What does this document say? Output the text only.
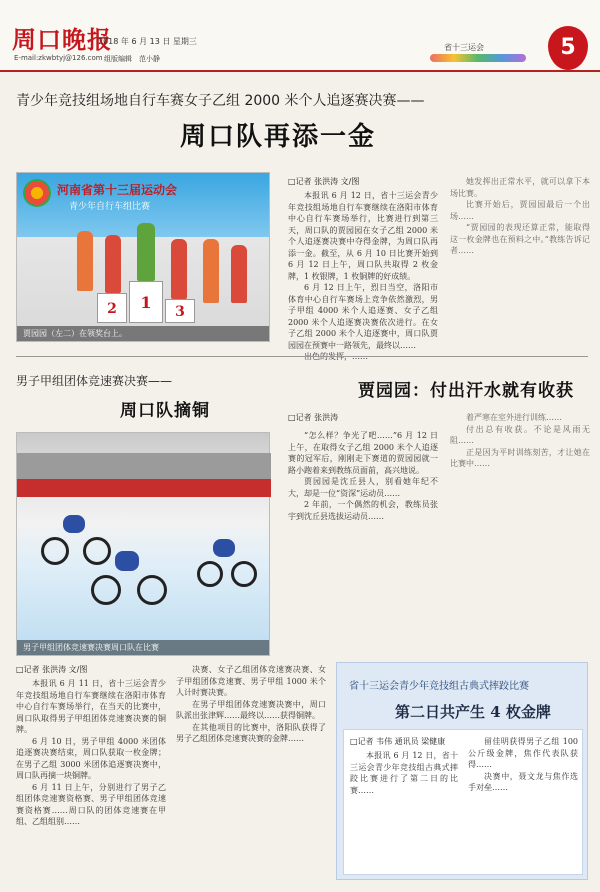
周口晚报
2018 年 6 月 13 日 星期三
E-mail:zkwbtyj@126.com 组版编辑　范小静
省十三运会	5
青少年竞技组场地自行车赛女子乙组 2000 米个人追逐赛决赛——
周口队再添一金
河南省第十三届运动会
青少年自行车组比赛
2	1	3
贾园园（左二）在领奖台上。
□记者 张洪涛 文/图

本报讯 6 月 12 日，省十三运会青少年竞技组场地自行车赛继续在洛阳市体育中心自行车赛场举行，比赛进行到第三天，周口队的贾园园在女子乙组 2000 米个人追逐赛决赛中夺得金牌，为周口队再添一金。截至，从 6 月 10 日比赛开始到 6 月 12 日上午，周口队共取得 2 枚金牌，1 枚银牌，1 枚铜牌的好成绩。

6 月 12 日上午，烈日当空，洛阳市体育中心自行车赛场上竞争依然激烈，男子甲组 4000 米个人追逐赛、女子乙组 2000 米个人追逐赛决赛依次进行。在女子乙组 2000 米个人追逐赛中，周口队贾园园在预赛中一路领先，最终以……

她发挥出正常水平，就可以拿下本场比赛。

比赛开始后，贾园园最后一个出场……

“贾园园的表现还算正常，能取得这一枚金牌也在预料之中。”教练告诉记者……

男子甲组团体竞速赛决赛——
周口队摘铜
贾园园：付出汗水就有收获
男子甲组团体竞速赛决赛周口队在比赛
□记者 张洪涛

“怎么样？争光了吧……”6 月 12 日上午，在取得女子乙组 2000 米个人追逐赛的冠军后，刚刚走下赛道的贾园园就一路小跑着来到教练员面前，高兴地说。

贾园园是沈丘县人，别看她年纪不大，却是一位“资深”运动员……

2 年前，一个偶然的机会，教练员张宇到沈丘县选拔运动员……

着严寒在室外进行训练……

付出总有收获。不论是风雨无阻……

正是因为平时训练刻苦，才让她在比赛中……

□记者 张洪涛 文/图

本报讯 6 月 11 日，省十三运会青少年竞技组场地自行车赛继续在洛阳市体育中心自行车赛场举行，在当天的比赛中，周口队取得男子甲组团体竞速赛决赛的铜牌。

6 月 10 日，男子甲组 4000 米团体追逐赛决赛结束，周口队获取一枚金牌；在男子乙组 3000 米团体追逐赛决赛中，周口队再摘一块铜牌。

6 月 11 日上午，分别进行了男子乙组团体竞速赛资格赛、男子甲组团体竞速赛资格赛……周口队的团体竞速赛在甲组、乙组组别……

决赛、女子乙组团体竞速赛决赛、女子甲组团体竞速赛、男子甲组 1000 米个人计时赛决赛。

在男子甲组团体竞速赛决赛中，周口队派出张津辉……最终以……获得铜牌。

在其他项目的比赛中，洛阳队获得了男子乙组团体竞速赛决赛的金牌……

省十三运会青少年竞技组古典式摔跤比赛
第二日共产生 4 枚金牌
□记者 韦伟 通讯员 梁健康

本报讯 6 月 12 日，省十三运会青少年竞技组古典式摔跤比赛进行了第二日的比赛……

留佳明获得男子乙组 100 公斤级金牌，焦作代表队获得……

决赛中，聂文龙与焦作选手对垒……
